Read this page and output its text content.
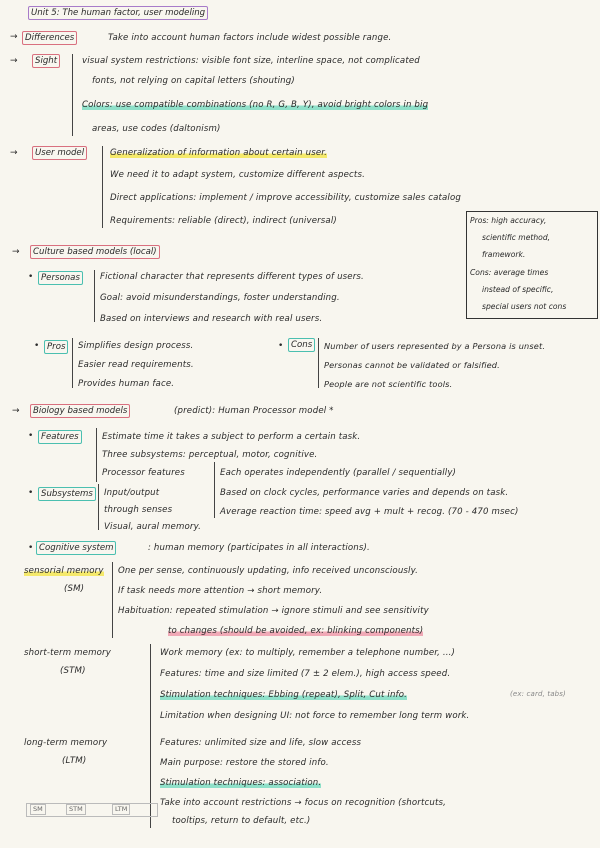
Unit 5: The human factor, user modeling
→ Differences	Take into account human factors include widest possible range.
→	Sight	visual system restrictions: visible font size, interline space, not complicated
fonts, not relying on capital letters (shouting)
Colors: use compatible combinations (no R, G, B, Y), avoid bright colors in big
areas, use codes (daltonism)
→	User model	Generalization of information about certain user.
We need it to adapt system, customize different aspects.
Direct applications: implement / improve accessibility, customize sales catalog
Requirements: reliable (direct), indirect (universal)	Pros: high accuracy,
scientific method,
framework.
Cons: average times
instead of specific,
special users not cons
→	Culture based models (local)
• Personas	Fictional character that represents different types of users.
Goal: avoid misunderstandings, foster understanding.
Based on interviews and research with real users.
• Pros	Simplifies design process.
Easier read requirements.
Provides human face.
• Cons	Number of users represented by a Persona is unset.
Personas cannot be validated or falsified.
People are not scientific tools.
→	Biology based models	(predict): Human Processor model *
• Features	Estimate time it takes a subject to perform a certain task.
Three subsystems: perceptual, motor, cognitive.
Processor features	Each operates independently (parallel / sequentially)
Based on clock cycles, performance varies and depends on task.
Average reaction time: speed avg + mult + recog. (70 - 470 msec)
• Subsystems	Input/output
through senses
Visual, aural memory.
• Cognitive system	: human memory (participates in all interactions).
sensorial memory
(SM)
One per sense, continuously updating, info received unconsciously.
If task needs more attention → short memory.
Habituation: repeated stimulation → ignore stimuli and see sensitivity
to changes (should be avoided, ex: blinking components)
short-term memory
(STM)
Work memory (ex: to multiply, remember a telephone number, ...)
Features: time and size limited (7 ± 2 elem.), high access speed.
Stimulation techniques: Ebbing (repeat), Split, Cut info.	(ex: card, tabs)
Limitation when designing UI: not force to remember long term work.
long-term memory
(LTM)
Features: unlimited size and life, slow access
Main purpose: restore the stored info.
Stimulation techniques: association.
Take into account restrictions → focus on recognition (shortcuts,
tooltips, return to default, etc.)
SM	STM	LTM
